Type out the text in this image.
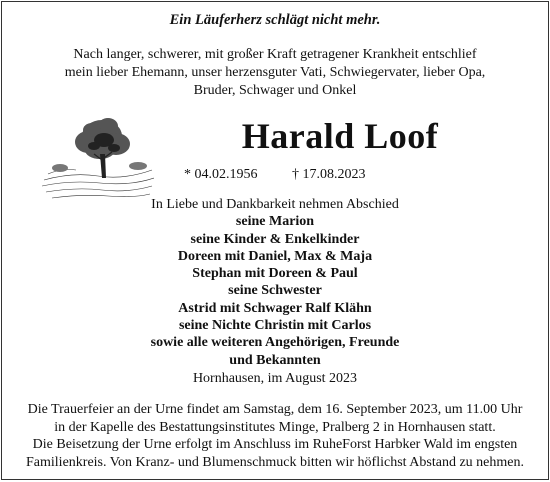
Ein Läuferherz schlägt nicht mehr.
Nach langer, schwerer, mit großer Kraft getragener Krankheit entschlief
mein lieber Ehemann, unser herzensguter Vati, Schwiegervater, lieber Opa,
Bruder, Schwager und Onkel
Harald Loof
* 04.02.1956 † 17.08.2023
In Liebe und Dankbarkeit nehmen Abschied
seine Marion
seine Kinder & Enkelkinder
Doreen mit Daniel, Max & Maja
Stephan mit Doreen & Paul
seine Schwester
Astrid mit Schwager Ralf Klähn
seine Nichte Christin mit Carlos
sowie alle weiteren Angehörigen, Freunde
und Bekannten
Hornhausen, im August 2023
Die Trauerfeier an der Urne findet am Samstag, dem 16. September 2023, um 11.00 Uhr
in der Kapelle des Bestattungsinstitutes Minge, Pralberg 2 in Hornhausen statt.
Die Beisetzung der Urne erfolgt im Anschluss im RuheForst Harbker Wald im engsten
Familienkreis. Von Kranz- und Blumenschmuck bitten wir höflichst Abstand zu nehmen.
